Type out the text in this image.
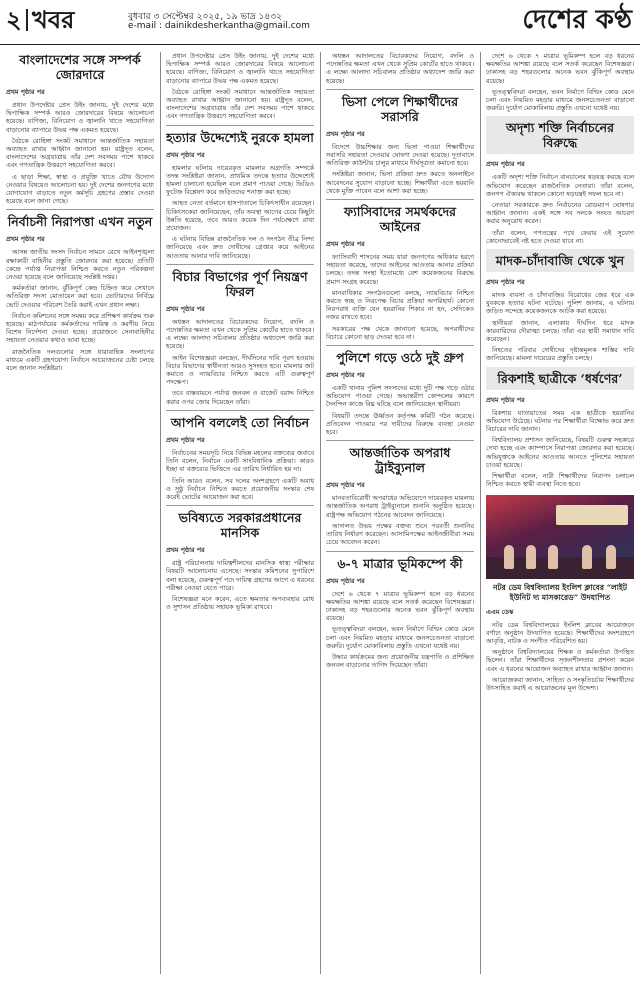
২ খবর	বুধবার ৩ সেপ্টেম্বর ২০২৫, ১৯ ভাদ্র ১৪৩২
e-mail : dainikdesherkantha@gmail.com	দেশের কণ্ঠ
বাংলাদেশের সঙ্গে সম্পর্ক জোরদারে
প্রথম পৃষ্ঠার পর

প্রধান উপদেষ্টার প্রেস উইং জানায়, দুই দেশের মধ্যে দ্বিপাক্ষিক সম্পর্ক আরও জোরদারের বিষয়ে আলোচনা হয়েছে। বাণিজ্য, বিনিয়োগ ও জ্বালানি খাতে সহযোগিতা বাড়ানোর ব্যাপারে উভয় পক্ষ একমত হয়েছে।

বৈঠকে রোহিঙ্গা সংকট সমাধানে আন্তর্জাতিক সহায়তা অব্যাহত রাখার আহ্বান জানানো হয়। রাষ্ট্রদূত বলেন, বাংলাদেশের অগ্রযাত্রায় তাঁর দেশ সবসময় পাশে থাকবে এবং গণতান্ত্রিক উত্তরণে সহযোগিতা করবে।

এ ছাড়া শিক্ষা, স্বাস্থ্য ও প্রযুক্তি খাতে যৌথ উদ্যোগ নেওয়ার বিষয়েও আলোচনা হয়। দুই দেশের জনগণের মধ্যে যোগাযোগ বাড়াতে নতুন কর্মসূচি গ্রহণের প্রস্তাব দেওয়া হয়েছে বলে জানা গেছে।

নির্বাচনী নিরাপত্তা এখন নতুন
প্রথম পৃষ্ঠার পর

আসন্ন জাতীয় সংসদ নির্বাচন সামনে রেখে আইনশৃঙ্খলা রক্ষাকারী বাহিনীর প্রস্তুতি জোরদার করা হয়েছে। প্রতিটি কেন্দ্রে পর্যাপ্ত নিরাপত্তা নিশ্চিত করতে নতুন পরিকল্পনা নেওয়া হয়েছে বলে জানিয়েছে সংশ্লিষ্ট দপ্তর।

কর্মকর্তারা জানান, ঝুঁকিপূর্ণ কেন্দ্র চিহ্নিত করে সেখানে অতিরিক্ত সদস্য মোতায়েন করা হবে। ভোটারদের নির্বিঘ্নে ভোট দেওয়ার পরিবেশ তৈরি করাই এখন প্রধান লক্ষ্য।

নির্বাচন কমিশনের সঙ্গে সমন্বয় করে প্রশিক্ষণ কার্যক্রম শুরু হয়েছে। মাঠপর্যায়ের কর্মকর্তাদের দায়িত্ব ও করণীয় নিয়ে বিশেষ নির্দেশনা দেওয়া হচ্ছে। প্রয়োজনে সেনাবাহিনীর সহায়তা নেওয়ার কথাও ভাবা হচ্ছে।

রাজনৈতিক দলগুলোর সঙ্গে ধারাবাহিক সংলাপের মাধ্যমে একটি গ্রহণযোগ্য নির্বাচন আয়োজনের চেষ্টা চলছে বলে জানান সংশ্লিষ্টরা।

প্রধান উপদেষ্টার প্রেস উইং জানায়, দুই দেশের মধ্যে দ্বিপাক্ষিক সম্পর্ক আরও জোরদারের বিষয়ে আলোচনা হয়েছে। বাণিজ্য, বিনিয়োগ ও জ্বালানি খাতে সহযোগিতা বাড়ানোর ব্যাপারে উভয় পক্ষ একমত হয়েছে।

বৈঠকে রোহিঙ্গা সংকট সমাধানে আন্তর্জাতিক সহায়তা অব্যাহত রাখার আহ্বান জানানো হয়। রাষ্ট্রদূত বলেন, বাংলাদেশের অগ্রযাত্রায় তাঁর দেশ সবসময় পাশে থাকবে এবং গণতান্ত্রিক উত্তরণে সহযোগিতা করবে।

হত্যার উদ্দেশ্যেই নুরকে হামলা
প্রথম পৃষ্ঠার পর

হামলার ঘটনায় দায়েরকৃত মামলার অগ্রগতি সম্পর্কে তদন্ত সংশ্লিষ্টরা জানান, প্রাথমিক তদন্তে হত্যার উদ্দেশ্যেই হামলা চালানো হয়েছিল বলে প্রমাণ পাওয়া গেছে। ভিডিও ফুটেজ বিশ্লেষণ করে জড়িতদের শনাক্ত করা হচ্ছে।

আহত নেতা বর্তমানে হাসপাতালে চিকিৎসাধীন রয়েছেন। চিকিৎসকেরা জানিয়েছেন, তাঁর অবস্থা আগের চেয়ে কিছুটা উন্নতি হয়েছে, তবে আরও কয়েক দিন পর্যবেক্ষণে রাখা প্রয়োজন।

এ ঘটনায় বিভিন্ন রাজনৈতিক দল ও সংগঠন তীব্র নিন্দা জানিয়েছে এবং দ্রুত দোষীদের গ্রেপ্তার করে আইনের আওতায় আনার দাবি জানিয়েছে।

বিচার বিভাগের পূর্ণ নিয়ন্ত্রণ ফিরল
প্রথম পৃষ্ঠার পর

অধস্তন আদালতের বিচারকদের নিয়োগ, বদলি ও পদোন্নতির ক্ষমতা এখন থেকে সুপ্রিম কোর্টের হাতে থাকবে। এ লক্ষ্যে আলাদা সচিবালয় প্রতিষ্ঠার অধ্যাদেশ জারি করা হয়েছে।

আইন বিশেষজ্ঞরা বলছেন, দীর্ঘদিনের দাবি পূরণ হওয়ায় বিচার বিভাগের স্বাধীনতা আরও সুসংহত হবে। মামলার জট কমাতে ও ন্যায়বিচার নিশ্চিত করতে এটি গুরুত্বপূর্ণ পদক্ষেপ।

তবে বাস্তবায়নে পর্যাপ্ত জনবল ও বাজেট বরাদ্দ নিশ্চিত করার ওপর জোর দিয়েছেন তাঁরা।

আপনি বললেই তো নির্বাচন
প্রথম পৃষ্ঠার পর

নির্বাচনের সময়সূচি নিয়ে বিভিন্ন মহলের বক্তব্যের জবাবে তিনি বলেন, নির্বাচন একটি সাংবিধানিক প্রক্রিয়া। কারও ইচ্ছা বা বক্তব্যের ভিত্তিতে এর তারিখ নির্ধারিত হয় না।

তিনি আরও বলেন, সব দলের অংশগ্রহণে একটি অবাধ ও সুষ্ঠু নির্বাচন নিশ্চিত করতে প্রয়োজনীয় সংস্কার শেষ করেই ভোটের আয়োজন করা হবে।

ভবিষ্যতে সরকারপ্রধানের মানসিক
প্রথম পৃষ্ঠার পর

রাষ্ট্র পরিচালনায় দায়িত্বশীলদের মানসিক স্বাস্থ্য পরীক্ষার বিষয়টি আলোচনায় এসেছে। সংস্কার কমিশনের সুপারিশে বলা হয়েছে, গুরুত্বপূর্ণ পদে দায়িত্ব গ্রহণের আগে এ ধরনের পরীক্ষা নেওয়া যেতে পারে।

বিশেষজ্ঞরা মনে করেন, এতে ক্ষমতার অপব্যবহার রোধ ও সুশাসন প্রতিষ্ঠায় সহায়ক ভূমিকা রাখবে।

অধস্তন আদালতের বিচারকদের নিয়োগ, বদলি ও পদোন্নতির ক্ষমতা এখন থেকে সুপ্রিম কোর্টের হাতে থাকবে। এ লক্ষ্যে আলাদা সচিবালয় প্রতিষ্ঠার অধ্যাদেশ জারি করা হয়েছে।

ভিসা পেলে শিক্ষার্থীদের সরাসরি
প্রথম পৃষ্ঠার পর

বিদেশে উচ্চশিক্ষার জন্য ভিসা পাওয়া শিক্ষার্থীদের সরাসরি সহায়তা দেওয়ার ঘোষণা দেওয়া হয়েছে। দূতাবাসে অতিরিক্ত কাউন্টার চালুর মাধ্যমে দীর্ঘসূত্রতা কমানো হবে।

সংশ্লিষ্টরা জানান, ভিসা প্রক্রিয়া দ্রুত করতে অনলাইনে আবেদনের সুযোগ বাড়ানো হচ্ছে। শিক্ষার্থীরা এতে হয়রানি থেকে মুক্তি পাবেন বলে আশা করা হচ্ছে।

ফ্যাসিবাদের সমর্থকদের আইনের
প্রথম পৃষ্ঠার পর

ফ্যাসিবাদী শাসনের সময় যারা জনগণের অধিকার হরণে সহায়তা করেছে, তাদের আইনের আওতায় আনার প্রক্রিয়া চলছে। তদন্ত সংস্থা ইতোমধ্যে বেশ কয়েকজনের বিরুদ্ধে প্রমাণ সংগ্রহ করেছে।

মানবাধিকার সংগঠনগুলো বলছে, ন্যায়বিচার নিশ্চিত করতে স্বচ্ছ ও নিরপেক্ষ বিচার প্রক্রিয়া অপরিহার্য। কোনো নিরপরাধ ব্যক্তি যেন হয়রানির শিকার না হন, সেদিকেও নজর রাখতে হবে।

সরকারের পক্ষ থেকে জানানো হয়েছে, অপরাধীদের বিচারে কোনো ছাড় দেওয়া হবে না।

পুলিশে গড়ে ওঠে দুই গ্রুপ
প্রথম পৃষ্ঠার পর

একটি থানায় পুলিশ সদস্যদের মধ্যে দুটি পক্ষ গড়ে ওঠার অভিযোগ পাওয়া গেছে। অভ্যন্তরীণ কোন্দলের কারণে দৈনন্দিন কাজে বিঘ্ন ঘটছে বলে জানিয়েছেন স্থানীয়রা।

বিষয়টি তদন্তে ঊর্ধ্বতন কর্তৃপক্ষ কমিটি গঠন করেছে। প্রতিবেদন পাওয়ার পর দায়ীদের বিরুদ্ধে ব্যবস্থা নেওয়া হবে।

আন্তর্জাতিক অপরাধ ট্রাইব্যুনাল
প্রথম পৃষ্ঠার পর

মানবতাবিরোধী অপরাধের অভিযোগে দায়েরকৃত মামলায় আন্তর্জাতিক অপরাধ ট্রাইব্যুনালে শুনানি অনুষ্ঠিত হয়েছে। রাষ্ট্রপক্ষ অভিযোগ গঠনের আবেদন জানিয়েছে।

আদালত উভয় পক্ষের বক্তব্য শুনে পরবর্তী শুনানির তারিখ নির্ধারণ করেছেন। আসামিপক্ষের আইনজীবীরা সময় চেয়ে আবেদন করেন।

৬-৭ মাত্রার ভূমিকম্পে কী
প্রথম পৃষ্ঠার পর

দেশে ৬ থেকে ৭ মাত্রার ভূমিকম্প হলে বড় ধরনের ক্ষয়ক্ষতির আশঙ্কা রয়েছে বলে সতর্ক করেছেন বিশেষজ্ঞরা। ঢাকাসহ বড় শহরগুলোর অনেক ভবন ঝুঁকিপূর্ণ অবস্থায় রয়েছে।

ভূতত্ত্ববিদরা বলছেন, ভবন নির্মাণে বিল্ডিং কোড মেনে চলা এবং নিয়মিত মহড়ার মাধ্যমে জনসচেতনতা বাড়ানো জরুরি। দুর্যোগ মোকাবিলায় প্রস্তুতি এখনো যথেষ্ট নয়।

উদ্ধার কার্যক্রমের জন্য প্রয়োজনীয় যন্ত্রপাতি ও প্রশিক্ষিত জনবল বাড়ানোর তাগিদ দিয়েছেন তাঁরা।

দেশে ৬ থেকে ৭ মাত্রার ভূমিকম্প হলে বড় ধরনের ক্ষয়ক্ষতির আশঙ্কা রয়েছে বলে সতর্ক করেছেন বিশেষজ্ঞরা। ঢাকাসহ বড় শহরগুলোর অনেক ভবন ঝুঁকিপূর্ণ অবস্থায় রয়েছে।

ভূতত্ত্ববিদরা বলছেন, ভবন নির্মাণে বিল্ডিং কোড মেনে চলা এবং নিয়মিত মহড়ার মাধ্যমে জনসচেতনতা বাড়ানো জরুরি। দুর্যোগ মোকাবিলায় প্রস্তুতি এখনো যথেষ্ট নয়।

অদৃশ্য শক্তি নির্বাচনের বিরুদ্ধে
প্রথম পৃষ্ঠার পর

একটি অদৃশ্য শক্তি নির্বাচন বানচালের ষড়যন্ত্র করছে বলে অভিযোগ করেছেন রাজনৈতিক নেতারা। তাঁরা বলেন, জনগণ ঐক্যবদ্ধ থাকলে কোনো ষড়যন্ত্রই সফল হবে না।

নেতারা সরকারকে দ্রুত নির্বাচনের রোডম্যাপ ঘোষণার আহ্বান জানান। একই সঙ্গে সব দলকে সংযত আচরণ করার অনুরোধ করেন।

তাঁরা বলেন, গণতন্ত্রের পথে ফেরার এই সুযোগ কোনোভাবেই নষ্ট হতে দেওয়া যাবে না।

মাদক-চাঁদাবাজি থেকে খুন
প্রথম পৃষ্ঠার পর

মাদক ব্যবসা ও চাঁদাবাজির বিরোধের জের ধরে এক যুবককে হত্যার ঘটনা ঘটেছে। পুলিশ জানায়, এ ঘটনায় জড়িত সন্দেহে কয়েকজনকে আটক করা হয়েছে।

স্থানীয়রা জানান, এলাকায় দীর্ঘদিন ধরে মাদক কারবারিদের দৌরাত্ম্য চলছে। তাঁরা এর স্থায়ী সমাধান দাবি করেছেন।

নিহতের পরিবার দোষীদের দৃষ্টান্তমূলক শাস্তির দাবি জানিয়েছে। মামলা দায়েরের প্রস্তুতি চলছে।

রিকশাই ছাত্রীকে ‘ধর্ষণের’
প্রথম পৃষ্ঠার পর

রিকশায় যাতায়াতের সময় এক ছাত্রীকে হয়রানির অভিযোগ উঠেছে। ঘটনার পর শিক্ষার্থীরা বিক্ষোভ করে দ্রুত বিচারের দাবি জানান।

বিশ্ববিদ্যালয় প্রশাসন জানিয়েছে, বিষয়টি গুরুত্ব সহকারে দেখা হচ্ছে এবং ক্যাম্পাসে নিরাপত্তা জোরদার করা হয়েছে। অভিযুক্তকে আইনের আওতায় আনতে পুলিশের সহায়তা চাওয়া হয়েছে।

শিক্ষার্থীরা বলেন, নারী শিক্ষার্থীদের নিরাপদ চলাচল নিশ্চিত করতে স্থায়ী ব্যবস্থা নিতে হবে।

নটর ডেম বিশ্ববিদ্যালয় ইংলিশ ক্লাবের “লাইট ইউনিট দ্য মাসকারেড” উদযাপিত
এএম ডেস্ক

নটর ডেম বিশ্ববিদ্যালয়ের ইংলিশ ক্লাবের আয়োজনে বর্ণাঢ্য অনুষ্ঠান উদযাপিত হয়েছে। শিক্ষার্থীদের অংশগ্রহণে আবৃত্তি, নাটক ও সংগীত পরিবেশিত হয়।

অনুষ্ঠানে বিশ্ববিদ্যালয়ের শিক্ষক ও কর্মকর্তারা উপস্থিত ছিলেন। তাঁরা শিক্ষার্থীদের সৃজনশীলতার প্রশংসা করেন এবং এ ধরনের আয়োজন অব্যাহত রাখার আহ্বান জানান।

আয়োজকরা জানান, সাহিত্য ও সংস্কৃতিচর্চায় শিক্ষার্থীদের উৎসাহিত করাই এ আয়োজনের মূল উদ্দেশ্য।
